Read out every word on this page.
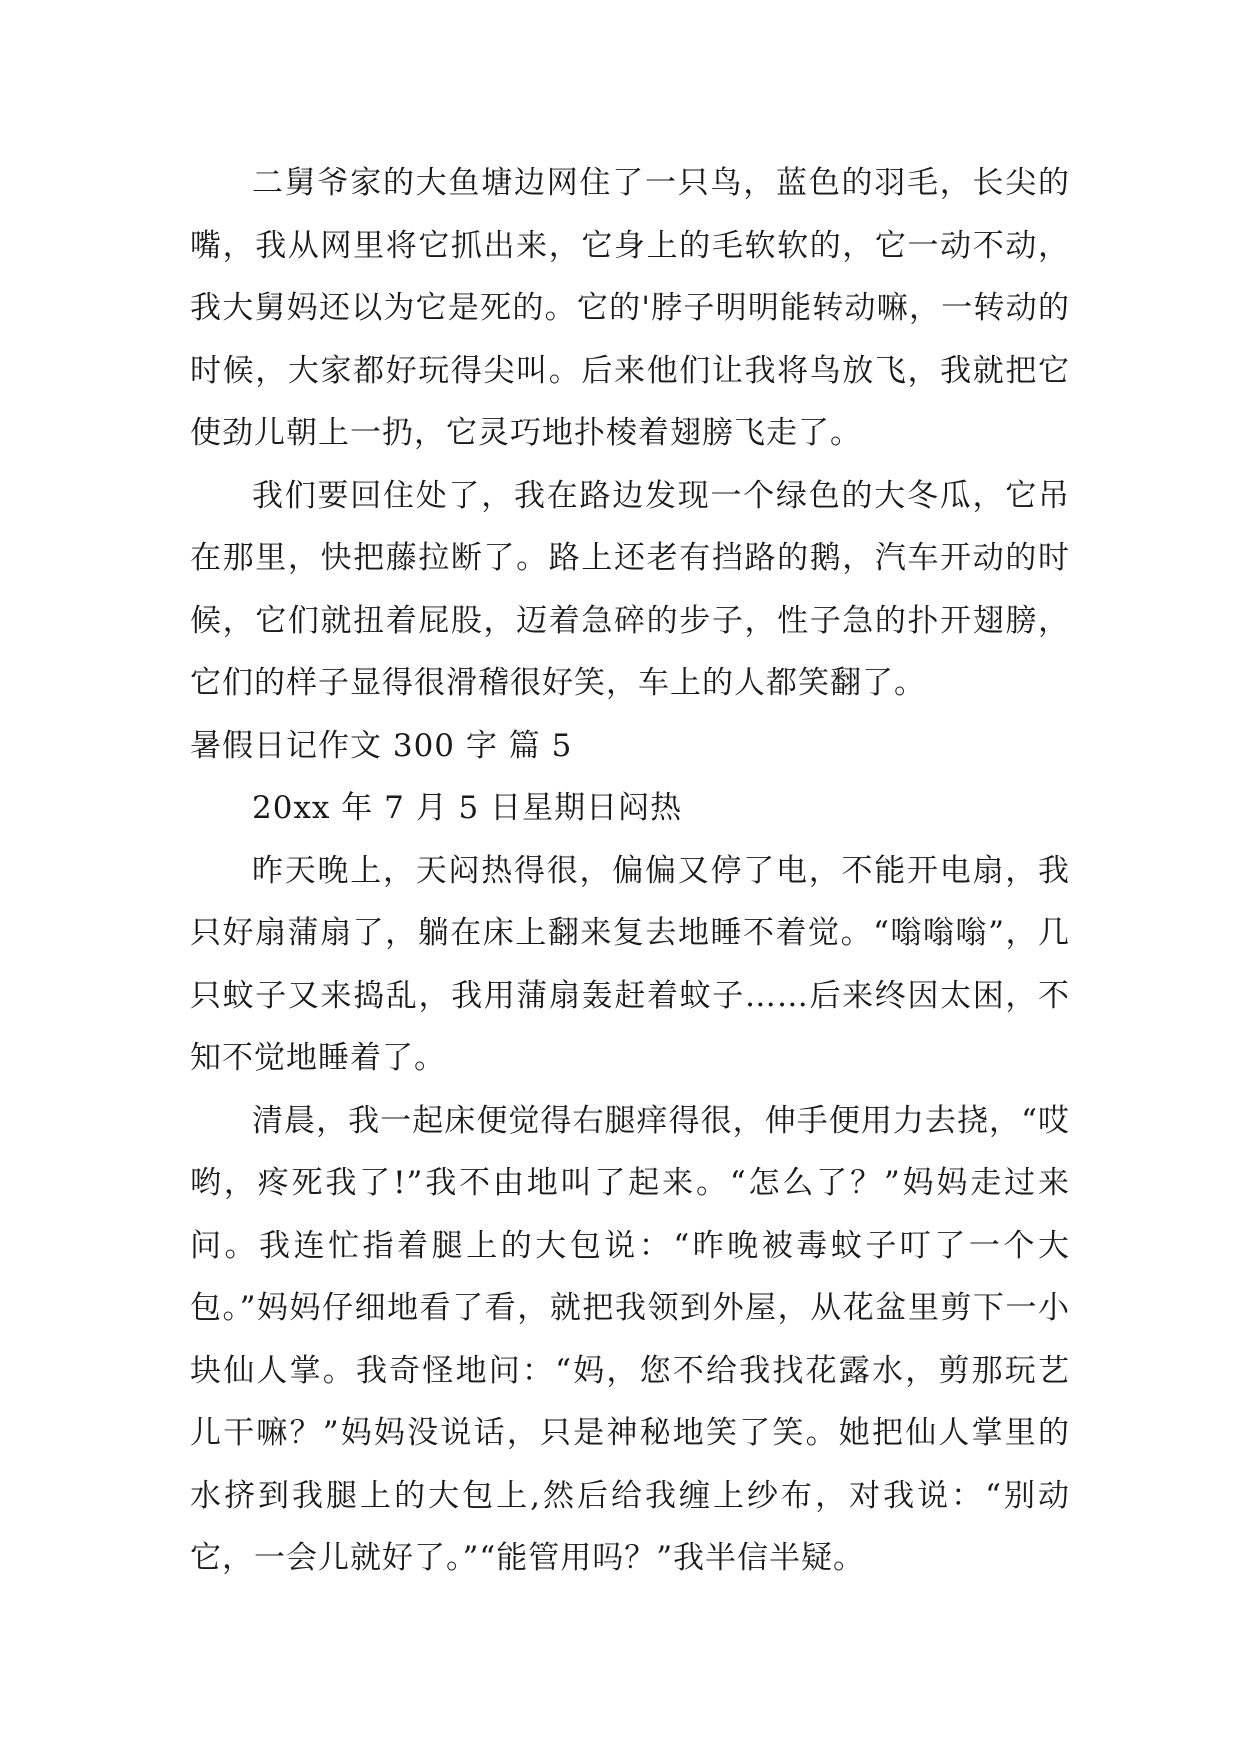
二舅爷家的大鱼塘边网住了一只鸟，蓝色的羽毛，长尖的嘴，我从网里将它抓出来，它身上的毛软软的，它一动不动，我大舅妈还以为它是死的。它的'脖子明明能转动嘛，一转动的时候，大家都好玩得尖叫。后来他们让我将鸟放飞，我就把它使劲儿朝上一扔，它灵巧地扑棱着翅膀飞走了。

我们要回住处了，我在路边发现一个绿色的大冬瓜，它吊在那里，快把藤拉断了。路上还老有挡路的鹅，汽车开动的时候，它们就扭着屁股，迈着急碎的步子，性子急的扑开翅膀，它们的样子显得很滑稽很好笑，车上的人都笑翻了。

暑假日记作文 300 字 篇 5

20xx 年 7 月 5 日星期日闷热

昨天晚上，天闷热得很，偏偏又停了电，不能开电扇，我只好扇蒲扇了，躺在床上翻来复去地睡不着觉。“嗡嗡嗡”，几只蚊子又来捣乱，我用蒲扇轰赶着蚊子……后来终因太困，不知不觉地睡着了。

清晨，我一起床便觉得右腿痒得很，伸手便用力去挠，“哎哟，疼死我了!”我不由地叫了起来。“怎么了？”妈妈走过来问。我连忙指着腿上的大包说：“昨晚被毒蚊子叮了一个大包。”妈妈仔细地看了看，就把我领到外屋，从花盆里剪下一小块仙人掌。我奇怪地问：“妈，您不给我找花露水，剪那玩艺儿干嘛？”妈妈没说话，只是神秘地笑了笑。她把仙人掌里的水挤到我腿上的大包上,然后给我缠上纱布，对我说：“别动它，一会儿就好了。”“能管用吗？”我半信半疑。
